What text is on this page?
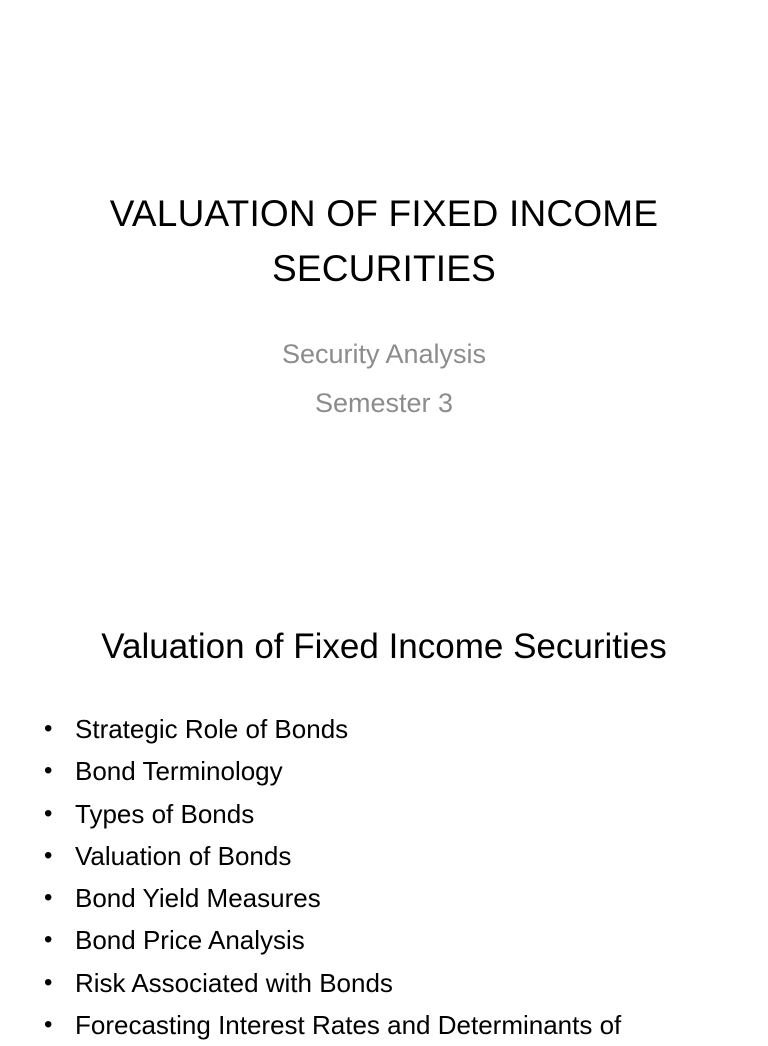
VALUATION OF FIXED INCOME
SECURITIES
Security Analysis
Semester 3
Valuation of Fixed Income Securities
• Strategic Role of Bonds
• Bond Terminology
• Types of Bonds
• Valuation of Bonds
• Bond Yield Measures
• Bond Price Analysis
• Risk Associated with Bonds
• Forecasting Interest Rates and Determinants of
